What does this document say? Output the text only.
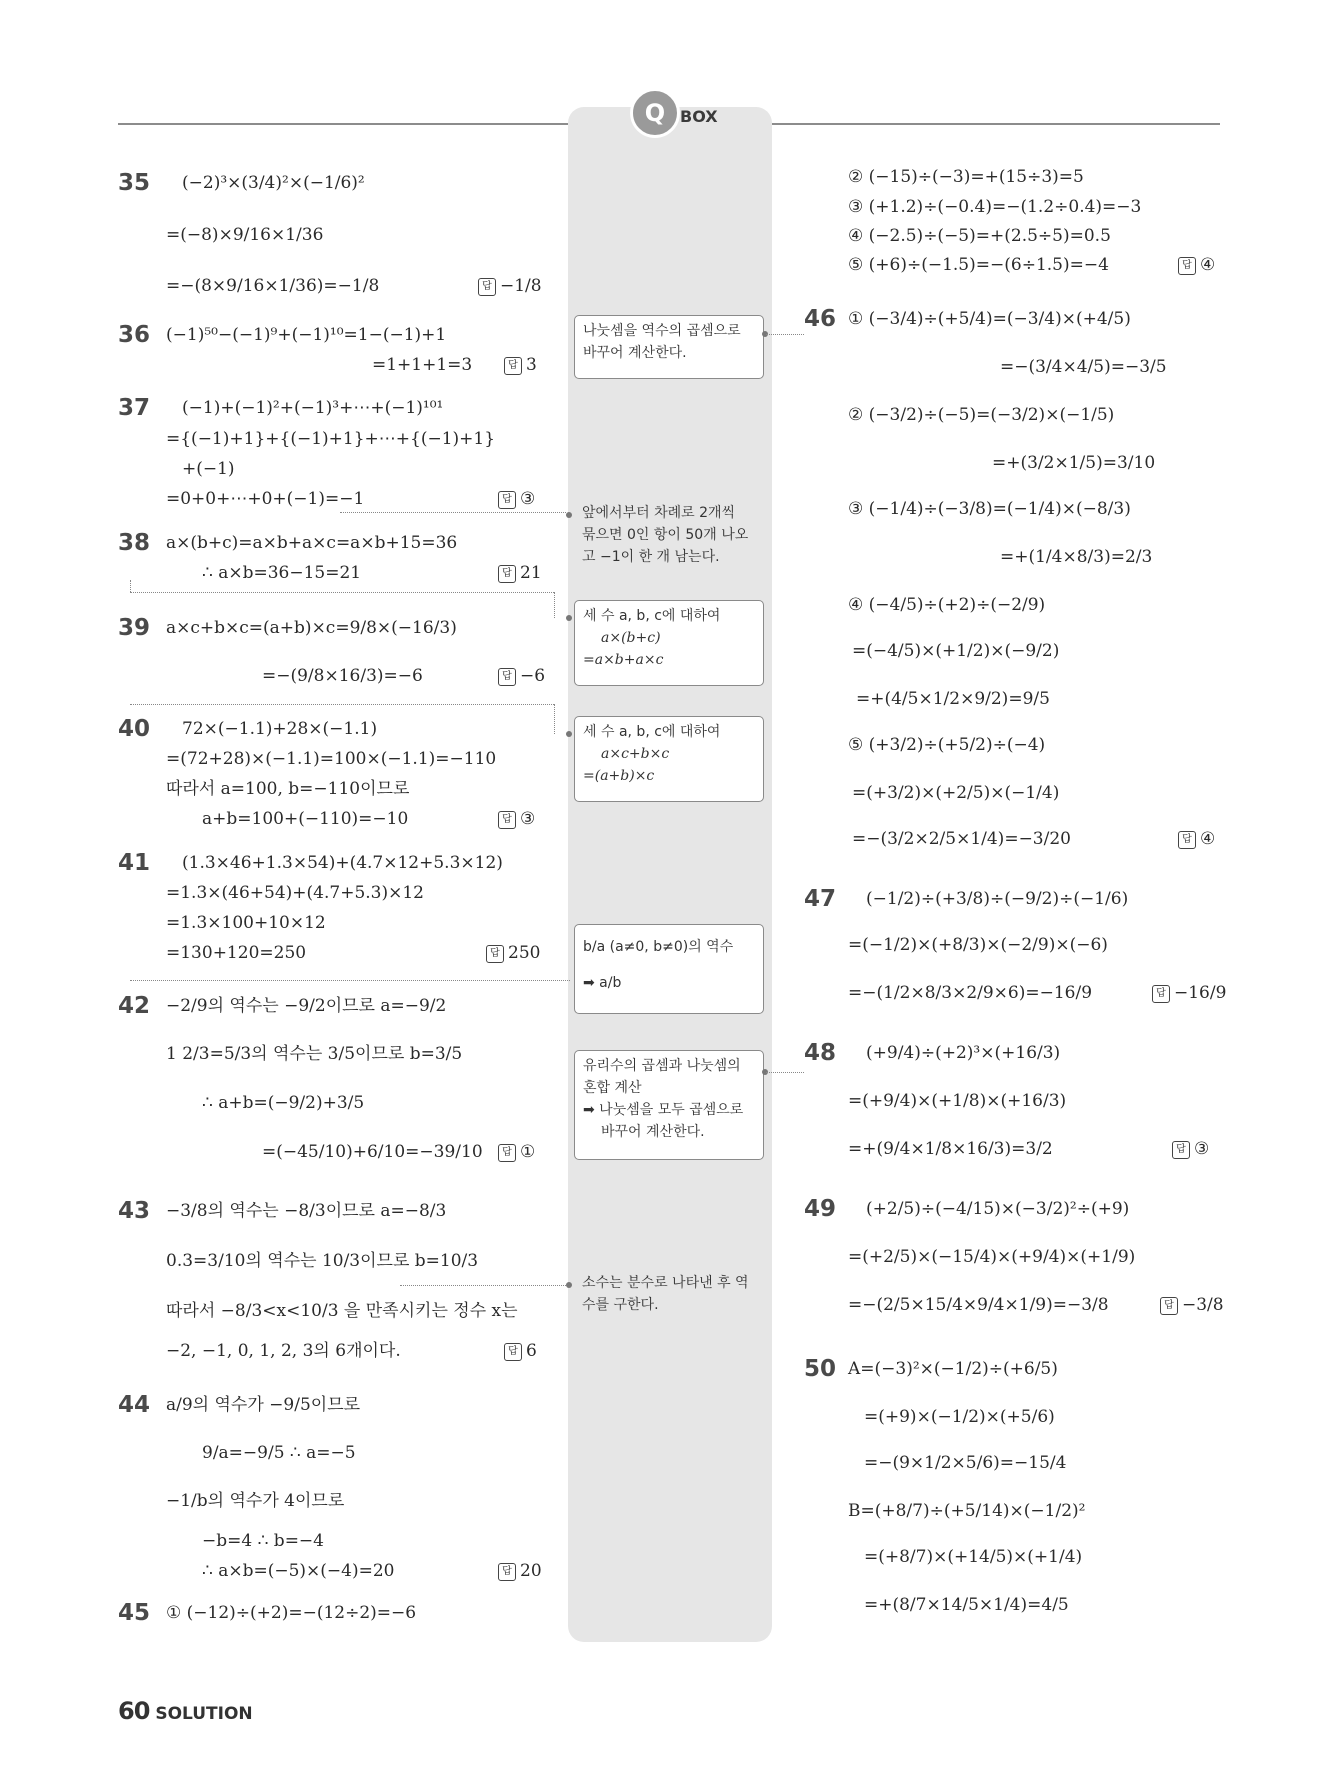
Q BOX
35 (−2)³×(3/4)²×(−1/6)²
=(−8)×9/16×1/36
=−(8×9/16×1/36)=−1/8	답 −1/8
36 (−1)⁵⁰−(−1)⁹+(−1)¹⁰=1−(−1)+1
=1+1+1=3	답 3
37 (−1)+(−1)²+(−1)³+⋯+(−1)¹⁰¹
={(−1)+1}+{(−1)+1}+⋯+{(−1)+1}
+(−1)
=0+0+⋯+0+(−1)=−1	답 ③
38 a×(b+c)=a×b+a×c=a×b+15=36
∴ a×b=36−15=21	답 21
39 a×c+b×c=(a+b)×c=9/8×(−16/3)
=−(9/8×16/3)=−6	답 −6
40 72×(−1.1)+28×(−1.1)
=(72+28)×(−1.1)=100×(−1.1)=−110
따라서 a=100, b=−110이므로
a+b=100+(−110)=−10	답 ③
41 (1.3×46+1.3×54)+(4.7×12+5.3×12)
=1.3×(46+54)+(4.7+5.3)×12
=1.3×100+10×12
=130+120=250	답 250
42 −2/9의 역수는 −9/2이므로 a=−9/2
1 2/3=5/3의 역수는 3/5이므로 b=3/5
∴ a+b=(−9/2)+3/5
=(−45/10)+6/10=−39/10	답 ①
43 −3/8의 역수는 −8/3이므로 a=−8/3
0.3=3/10의 역수는 10/3이므로 b=10/3
따라서 −8/3<x<10/3 을 만족시키는 정수 x는
−2, −1, 0, 1, 2, 3의 6개이다.	답 6
44 a/9의 역수가 −9/5이므로
9/a=−9/5 ∴ a=−5
−1/b의 역수가 4이므로
−b=4 ∴ b=−4
∴ a×b=(−5)×(−4)=20	답 20
45 ① (−12)÷(+2)=−(12÷2)=−6
나눗셈을 역수의 곱셈으로
바꾸어 계산한다.
앞에서부터 차례로 2개씩
묶으면 0인 항이 50개 나오
고 −1이 한 개 남는다.
세 수 a, b, c에 대하여
a×(b+c)
=a×b+a×c
세 수 a, b, c에 대하여
a×c+b×c
=(a+b)×c
b/a (a≠0, b≠0)의 역수
➡ a/b
유리수의 곱셈과 나눗셈의
혼합 계산
➡ 나눗셈을 모두 곱셈으로
바꾸어 계산한다.
소수는 분수로 나타낸 후 역
수를 구한다.
② (−15)÷(−3)=+(15÷3)=5
③ (+1.2)÷(−0.4)=−(1.2÷0.4)=−3
④ (−2.5)÷(−5)=+(2.5÷5)=0.5
⑤ (+6)÷(−1.5)=−(6÷1.5)=−4	답 ④
46 ① (−3/4)÷(+5/4)=(−3/4)×(+4/5)
=−(3/4×4/5)=−3/5
② (−3/2)÷(−5)=(−3/2)×(−1/5)
=+(3/2×1/5)=3/10
③ (−1/4)÷(−3/8)=(−1/4)×(−8/3)
=+(1/4×8/3)=2/3
④ (−4/5)÷(+2)÷(−2/9)
=(−4/5)×(+1/2)×(−9/2)
=+(4/5×1/2×9/2)=9/5
⑤ (+3/2)÷(+5/2)÷(−4)
=(+3/2)×(+2/5)×(−1/4)
=−(3/2×2/5×1/4)=−3/20	답 ④
47 (−1/2)÷(+3/8)÷(−9/2)÷(−1/6)
=(−1/2)×(+8/3)×(−2/9)×(−6)
=−(1/2×8/3×2/9×6)=−16/9	답 −16/9
48 (+9/4)÷(+2)³×(+16/3)
=(+9/4)×(+1/8)×(+16/3)
=+(9/4×1/8×16/3)=3/2	답 ③
49 (+2/5)÷(−4/15)×(−3/2)²÷(+9)
=(+2/5)×(−15/4)×(+9/4)×(+1/9)
=−(2/5×15/4×9/4×1/9)=−3/8	답 −3/8
50 A=(−3)²×(−1/2)÷(+6/5)
=(+9)×(−1/2)×(+5/6)
=−(9×1/2×5/6)=−15/4
B=(+8/7)÷(+5/14)×(−1/2)²
=(+8/7)×(+14/5)×(+1/4)
=+(8/7×14/5×1/4)=4/5
60 SOLUTION
